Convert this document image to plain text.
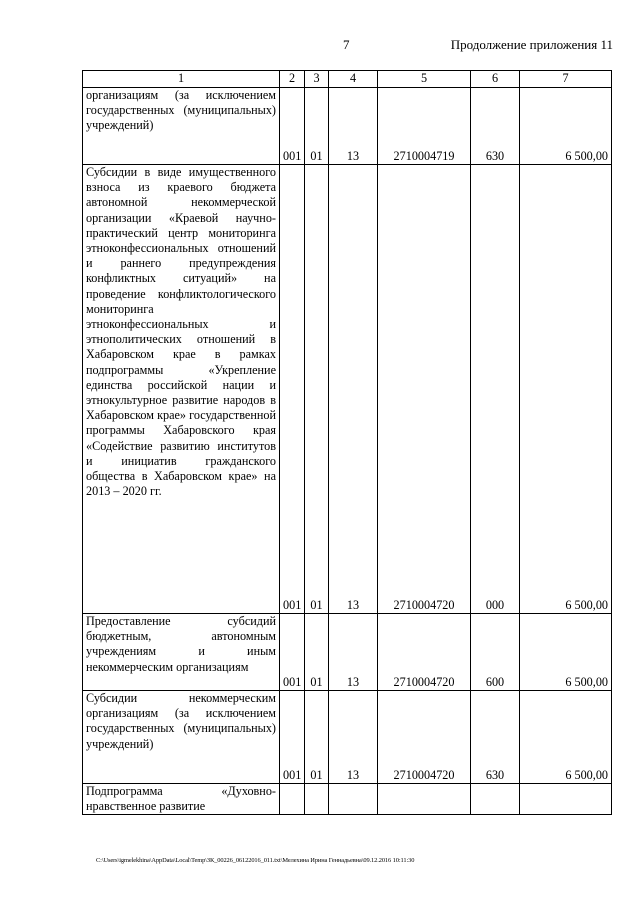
7	Продолжение приложения 11
1	2	3	4	5	6	7
организациям (за исключением государственных (муниципальных) учреждений)	001	01	13	2710004719	630	6 500,00
Субсидии в виде имущественного взноса из краевого бюджета автономной некоммерческой организации «Краевой научно-практический центр мониторинга этноконфессиональных отношений и раннего предупреждения конфликтных ситуаций» на проведение конфликтологического мониторинга этноконфессиональных и этнополитических отношений в Хабаровском крае в рамках подпрограммы «Укрепление единства российской нации и этнокультурное развитие народов в Хабаровском крае» государственной программы Хабаровского края «Содействие развитию институтов и инициатив гражданского общества в Хабаровском крае» на 2013 – 2020 гг.	001	01	13	2710004720	000	6 500,00
Предоставление субсидий бюджетным, автономным учреждениям и иным некоммерческим организациям	001	01	13	2710004720	600	6 500,00
Субсидии некоммерческим организациям (за исключением государственных (муниципальных) учреждений)	001	01	13	2710004720	630	6 500,00
Подпрограмма «Духовно-нравственное развитие						
C:\Users\igmelekhina\AppData\Local\Temp\ЗК_00226_06122016_011.txt\Мелехина Ирина Геннадьевна\09.12.2016 10:11:30
